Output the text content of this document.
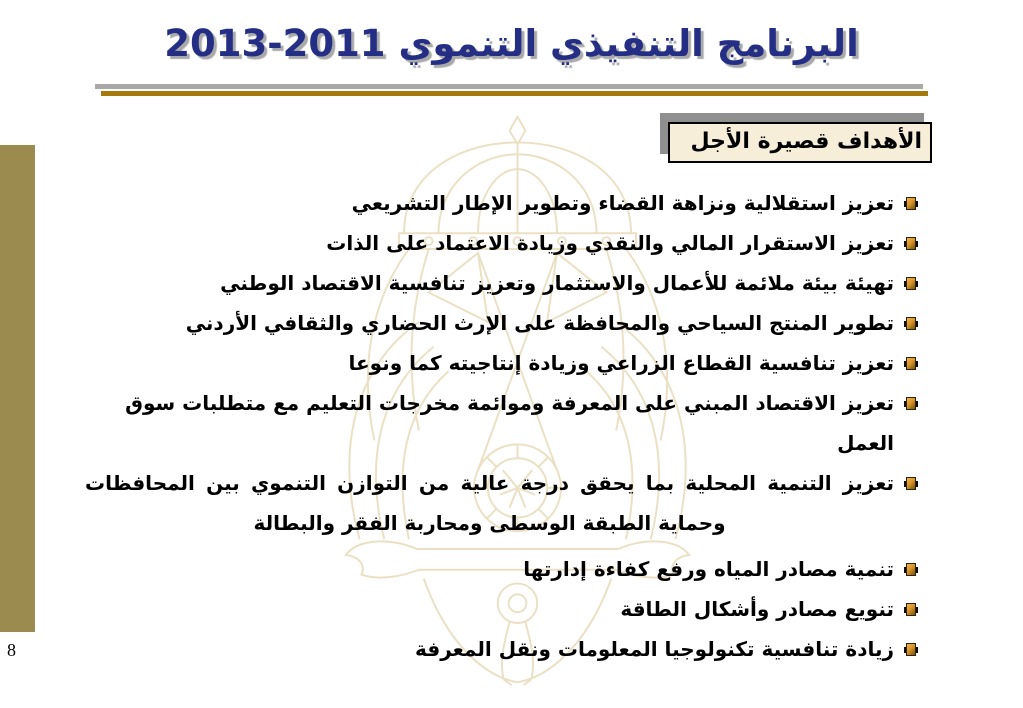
البرنامج التنفيذي التنموي 2011-2013
الأهداف قصيرة الأجل
تعزيز استقلالية ونزاهة القضاء وتطوير الإطار التشريعي
تعزيز الاستقرار المالي والنقدي وزيادة الاعتماد على الذات
تهيئة بيئة ملائمة للأعمال والاستثمار وتعزيز تنافسية الاقتصاد الوطني
تطوير المنتج السياحي والمحافظة على الإرث الحضاري والثقافي الأردني
تعزيز تنافسية القطاع الزراعي وزيادة إنتاجيته كما ونوعا
تعزيز الاقتصاد المبني على المعرفة وموائمة مخرجات التعليم مع متطلبات سوق العمل
تعزيز التنمية المحلية بما يحقق درجة عالية من التوازن التنموي بين المحافظات وحماية الطبقة الوسطى ومحاربة الفقر والبطالة
تنمية مصادر المياه ورفع كفاءة إدارتها
تنويع مصادر وأشكال الطاقة
زيادة تنافسية تكنولوجيا المعلومات ونقل المعرفة
8
